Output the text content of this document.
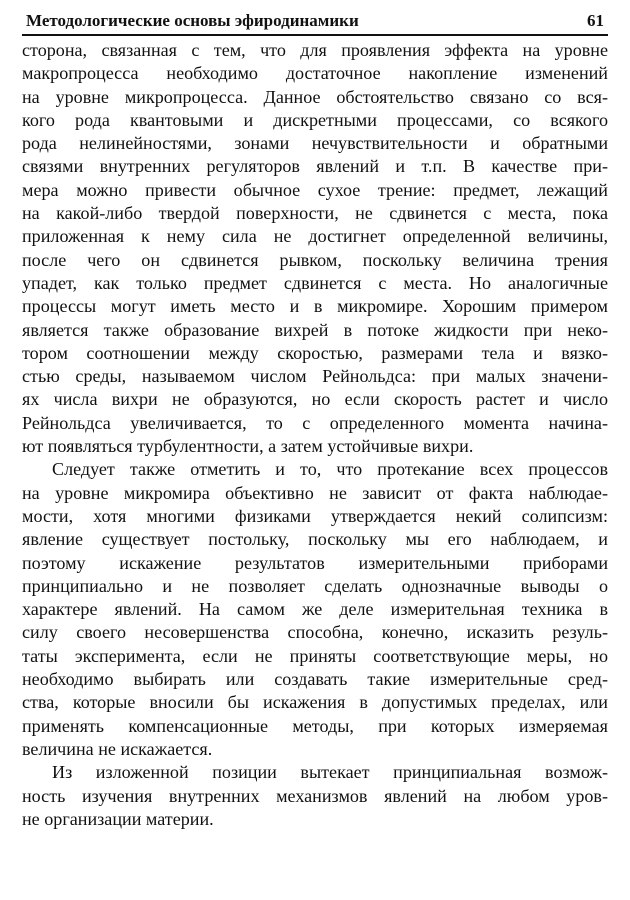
Методологические основы эфиродинамики	61

сторона, связанная с тем, что для проявления эффекта на уровне
макропроцесса необходимо достаточное накопление изменений
на уровне микропроцесса. Данное обстоятельство связано со вся-
кого рода квантовыми и дискретными процессами, со всякого
рода нелинейностями, зонами нечувствительности и обратными
связями внутренних регуляторов явлений и т.п. В качестве при-
мера можно привести обычное сухое трение: предмет, лежащий
на какой-либо твердой поверхности, не сдвинется с места, пока
приложенная к нему сила не достигнет определенной величины,
после чего он сдвинется рывком, поскольку величина трения
упадет, как только предмет сдвинется с места. Но аналогичные
процессы могут иметь место и в микромире. Хорошим примером
является также образование вихрей в потоке жидкости при неко-
тором соотношении между скоростью, размерами тела и вязко-
стью среды, называемом числом Рейнольдса: при малых значени-
ях числа вихри не образуются, но если скорость растет и число
Рейнольдса увеличивается, то с определенного момента начина-
ют появляться турбулентности, а затем устойчивые вихри.

Следует также отметить и то, что протекание всех процессов
на уровне микромира объективно не зависит от факта наблюдае-
мости, хотя многими физиками утверждается некий солипсизм:
явление существует постольку, поскольку мы его наблюдаем, и
поэтому искажение результатов измерительными приборами
принципиально и не позволяет сделать однозначные выводы о
характере явлений. На самом же деле измерительная техника в
силу своего несовершенства способна, конечно, исказить резуль-
таты эксперимента, если не приняты соответствующие меры, но
необходимо выбирать или создавать такие измерительные сред-
ства, которые вносили бы искажения в допустимых пределах, или
применять компенсационные методы, при которых измеряемая
величина не искажается.

Из изложенной позиции вытекает принципиальная возмож-
ность изучения внутренних механизмов явлений на любом уров-
не организации материи.
